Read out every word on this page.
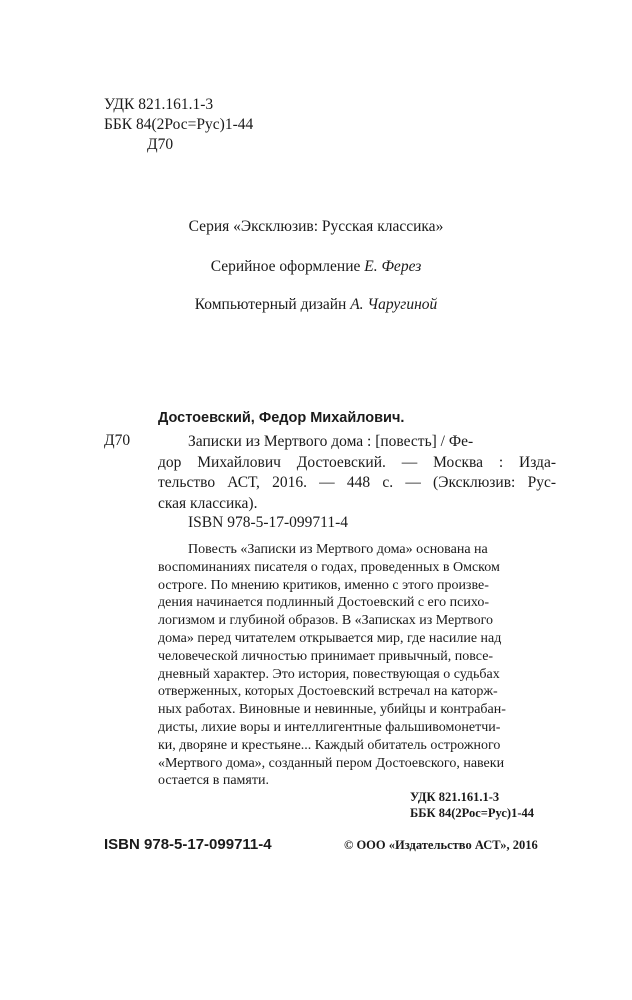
УДК 821.161.1-3
ББК 84(2Рос=Рус)1-44
Д70
Серия «Эксклюзив: Русская классика»
Серийное оформление Е. Ферез
Компьютерный дизайн А. Чаругиной
Достоевский, Федор Михайлович.
Д70	Записки из Мертвого дома : [повесть] / Фе-
дор Михайлович Достоевский. — Москва : Изда-
тельство АСТ, 2016. — 448 с. — (Эксклюзив: Рус-
ская классика).
ISBN 978-5-17-099711-4
Повесть «Записки из Мертвого дома» основана на
воспоминаниях писателя о годах, проведенных в Омском
остроге. По мнению критиков, именно с этого произве-
дения начинается подлинный Достоевский с его психо-
логизмом и глубиной образов. В «Записках из Мертвого
дома» перед читателем открывается мир, где насилие над
человеческой личностью принимает привычный, повсе-
дневный характер. Это история, повествующая о судьбах
отверженных, которых Достоевский встречал на каторж-
ных работах. Виновные и невинные, убийцы и контрабан-
дисты, лихие воры и интеллигентные фальшивомонетчи-
ки, дворяне и крестьяне... Каждый обитатель острожного
«Мертвого дома», созданный пером Достоевского, навеки
остается в памяти.
УДК 821.161.1-3
ББК 84(2Рос=Рус)1-44
ISBN 978-5-17-099711-4	© ООО «Издательство АСТ», 2016
